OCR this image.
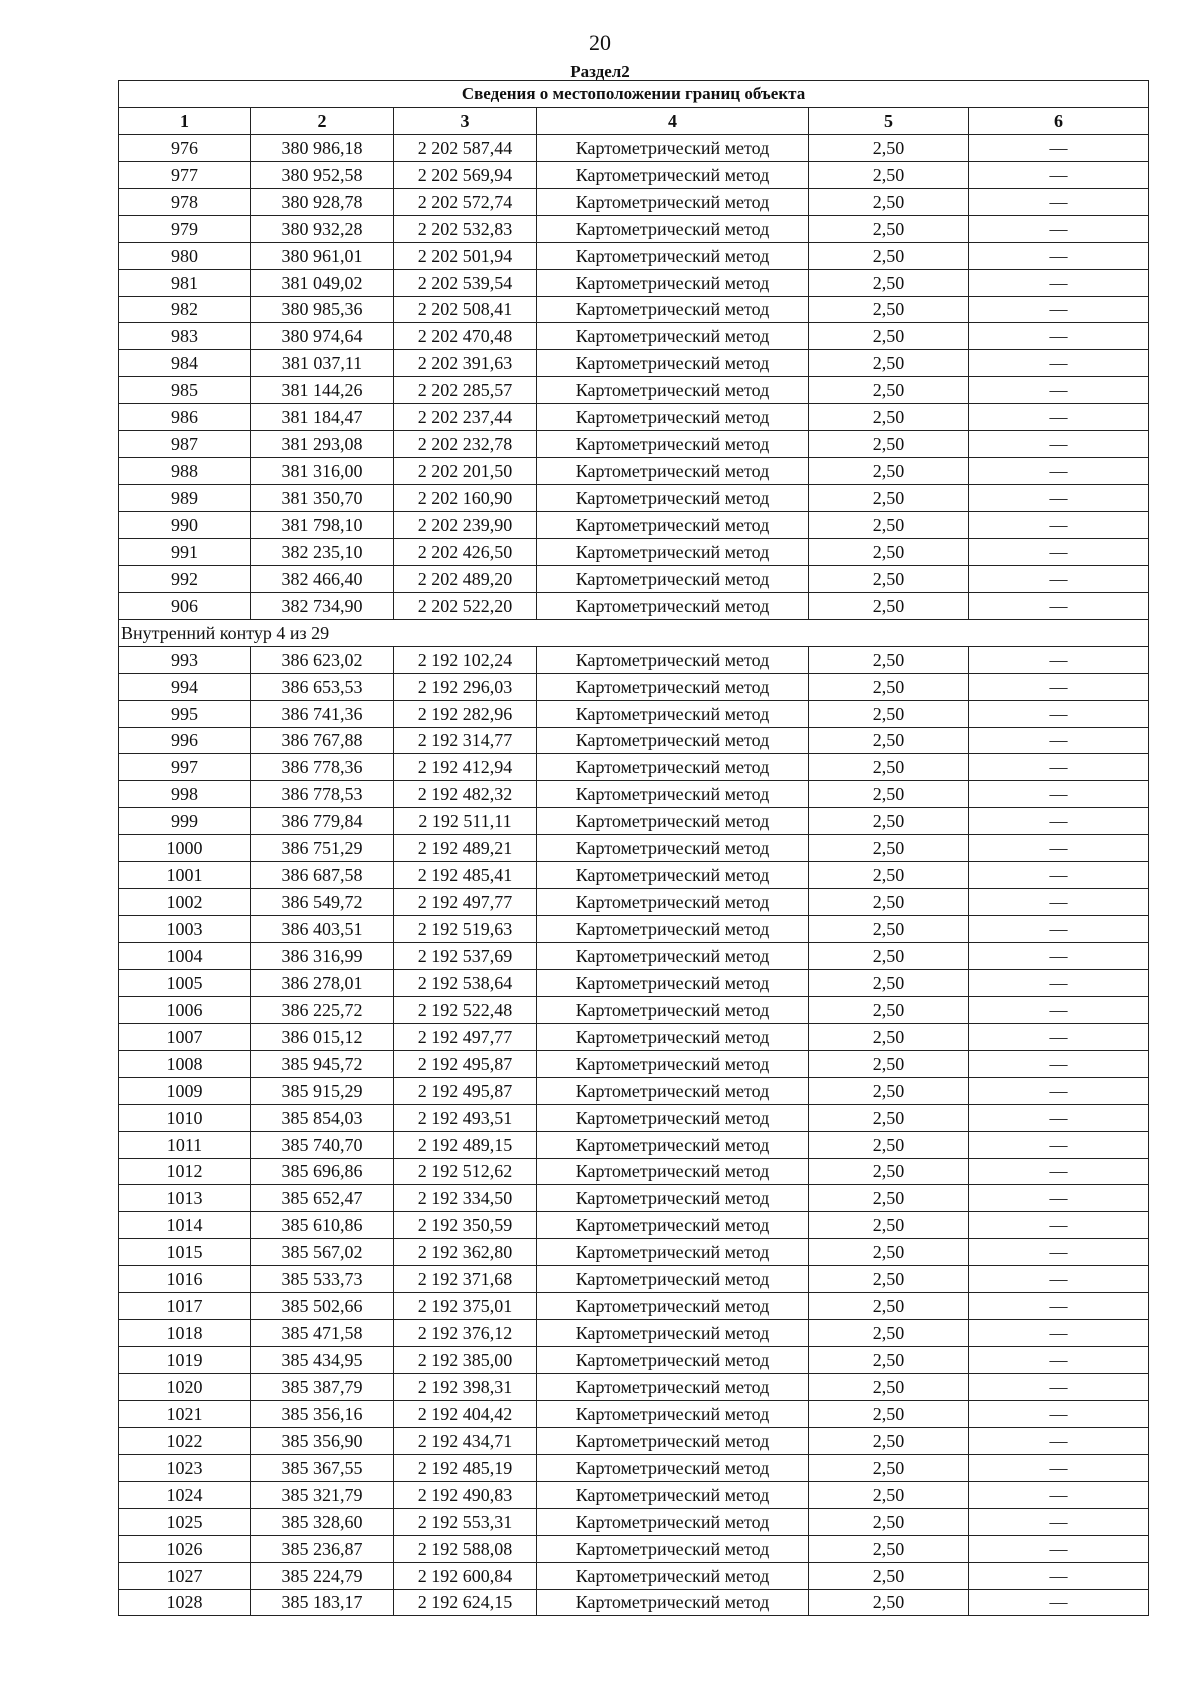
20
Раздел2
Сведения о местоположении границ объекта					
1	2	3	4	5	6
976	380 986,18	2 202 587,44	Картометрический метод	2,50	—
977	380 952,58	2 202 569,94	Картометрический метод	2,50	—
978	380 928,78	2 202 572,74	Картометрический метод	2,50	—
979	380 932,28	2 202 532,83	Картометрический метод	2,50	—
980	380 961,01	2 202 501,94	Картометрический метод	2,50	—
981	381 049,02	2 202 539,54	Картометрический метод	2,50	—
982	380 985,36	2 202 508,41	Картометрический метод	2,50	—
983	380 974,64	2 202 470,48	Картометрический метод	2,50	—
984	381 037,11	2 202 391,63	Картометрический метод	2,50	—
985	381 144,26	2 202 285,57	Картометрический метод	2,50	—
986	381 184,47	2 202 237,44	Картометрический метод	2,50	—
987	381 293,08	2 202 232,78	Картометрический метод	2,50	—
988	381 316,00	2 202 201,50	Картометрический метод	2,50	—
989	381 350,70	2 202 160,90	Картометрический метод	2,50	—
990	381 798,10	2 202 239,90	Картометрический метод	2,50	—
991	382 235,10	2 202 426,50	Картометрический метод	2,50	—
992	382 466,40	2 202 489,20	Картометрический метод	2,50	—
906	382 734,90	2 202 522,20	Картометрический метод	2,50	—
Внутренний контур 4 из 29					
993	386 623,02	2 192 102,24	Картометрический метод	2,50	—
994	386 653,53	2 192 296,03	Картометрический метод	2,50	—
995	386 741,36	2 192 282,96	Картометрический метод	2,50	—
996	386 767,88	2 192 314,77	Картометрический метод	2,50	—
997	386 778,36	2 192 412,94	Картометрический метод	2,50	—
998	386 778,53	2 192 482,32	Картометрический метод	2,50	—
999	386 779,84	2 192 511,11	Картометрический метод	2,50	—
1000	386 751,29	2 192 489,21	Картометрический метод	2,50	—
1001	386 687,58	2 192 485,41	Картометрический метод	2,50	—
1002	386 549,72	2 192 497,77	Картометрический метод	2,50	—
1003	386 403,51	2 192 519,63	Картометрический метод	2,50	—
1004	386 316,99	2 192 537,69	Картометрический метод	2,50	—
1005	386 278,01	2 192 538,64	Картометрический метод	2,50	—
1006	386 225,72	2 192 522,48	Картометрический метод	2,50	—
1007	386 015,12	2 192 497,77	Картометрический метод	2,50	—
1008	385 945,72	2 192 495,87	Картометрический метод	2,50	—
1009	385 915,29	2 192 495,87	Картометрический метод	2,50	—
1010	385 854,03	2 192 493,51	Картометрический метод	2,50	—
1011	385 740,70	2 192 489,15	Картометрический метод	2,50	—
1012	385 696,86	2 192 512,62	Картометрический метод	2,50	—
1013	385 652,47	2 192 334,50	Картометрический метод	2,50	—
1014	385 610,86	2 192 350,59	Картометрический метод	2,50	—
1015	385 567,02	2 192 362,80	Картометрический метод	2,50	—
1016	385 533,73	2 192 371,68	Картометрический метод	2,50	—
1017	385 502,66	2 192 375,01	Картометрический метод	2,50	—
1018	385 471,58	2 192 376,12	Картометрический метод	2,50	—
1019	385 434,95	2 192 385,00	Картометрический метод	2,50	—
1020	385 387,79	2 192 398,31	Картометрический метод	2,50	—
1021	385 356,16	2 192 404,42	Картометрический метод	2,50	—
1022	385 356,90	2 192 434,71	Картометрический метод	2,50	—
1023	385 367,55	2 192 485,19	Картометрический метод	2,50	—
1024	385 321,79	2 192 490,83	Картометрический метод	2,50	—
1025	385 328,60	2 192 553,31	Картометрический метод	2,50	—
1026	385 236,87	2 192 588,08	Картометрический метод	2,50	—
1027	385 224,79	2 192 600,84	Картометрический метод	2,50	—
1028	385 183,17	2 192 624,15	Картометрический метод	2,50	—
